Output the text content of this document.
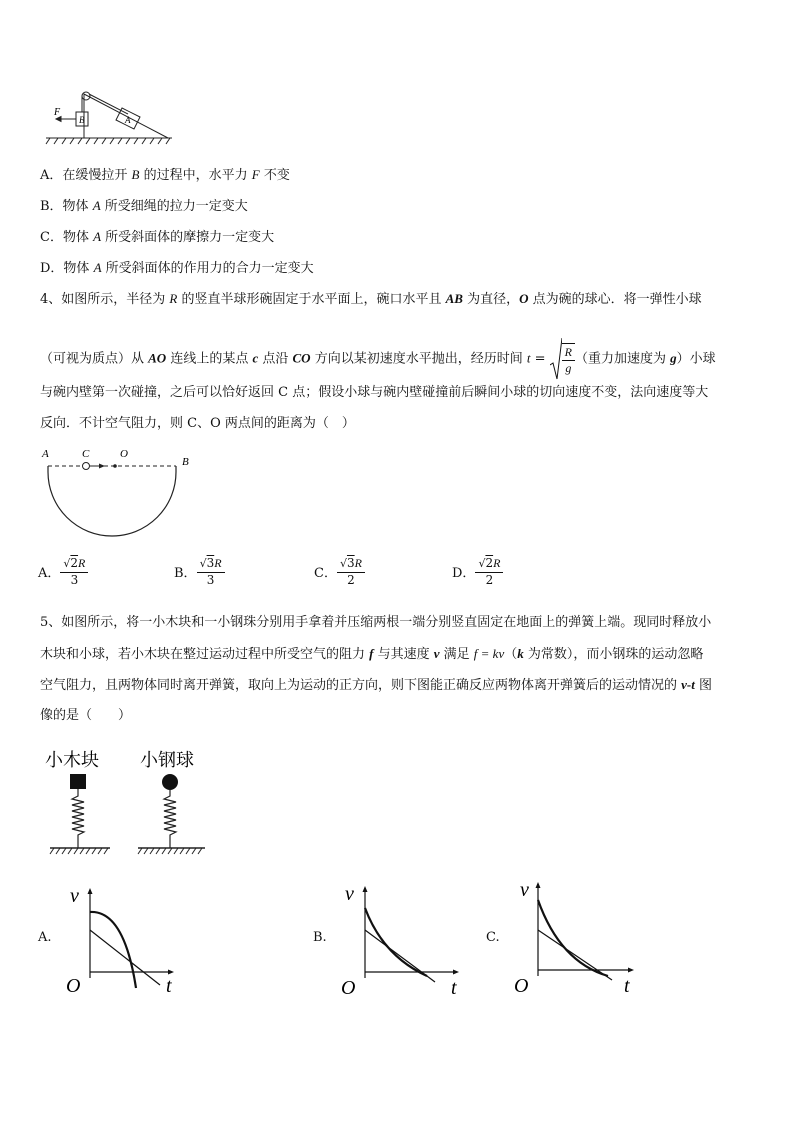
F
B	A
A．在缓慢拉开 B 的过程中，水平力 F 不变
B．物体 A 所受细绳的拉力一定变大
C．物体 A 所受斜面体的摩擦力一定变大
D．物体 A 所受斜面体的作用力的合力一定变大
4、如图所示，半径为 R 的竖直半球形碗固定于水平面上，碗口水平且 AB 为直径，O 点为碗的球心．将一弹性小球
（可视为质点）从 AO 连线上的某点 c 点沿 CO 方向以某初速度水平抛出，经历时间 $t = \frac{R}{g}$ （重力加速度为 g）小球
与碗内壁第一次碰撞，之后可以恰好返回 C 点；假设小球与碗内壁碰撞前后瞬间小球的切向速度不变，法向速度等大
反向．不计空气阻力，则 C、O 两点间的距离为（　）
A	C	O
B
A． $\frac{√2R}{3}$	B． $\frac{√3R}{3}$	C． $\frac{√3R}{2}$	D． $\frac{√2R}{2}$
5、如图所示，将一小木块和一小钢珠分别用手拿着并压缩两根一端分别竖直固定在地面上的弹簧上端。现同时释放小
木块和小球，若小木块在整过运动过程中所受空气的阻力 f 与其速度 v 满足 f = kv（k 为常数），而小钢珠的运动忽略
空气阻力，且两物体同时离开弹簧，取向上为运动的正方向，则下图能正确反应两物体离开弹簧后的运动情况的 v-t 图
像的是（　　）
小木块 小钢球
A.
v
O	t
B.
v
O	t
C.
v
O	t
